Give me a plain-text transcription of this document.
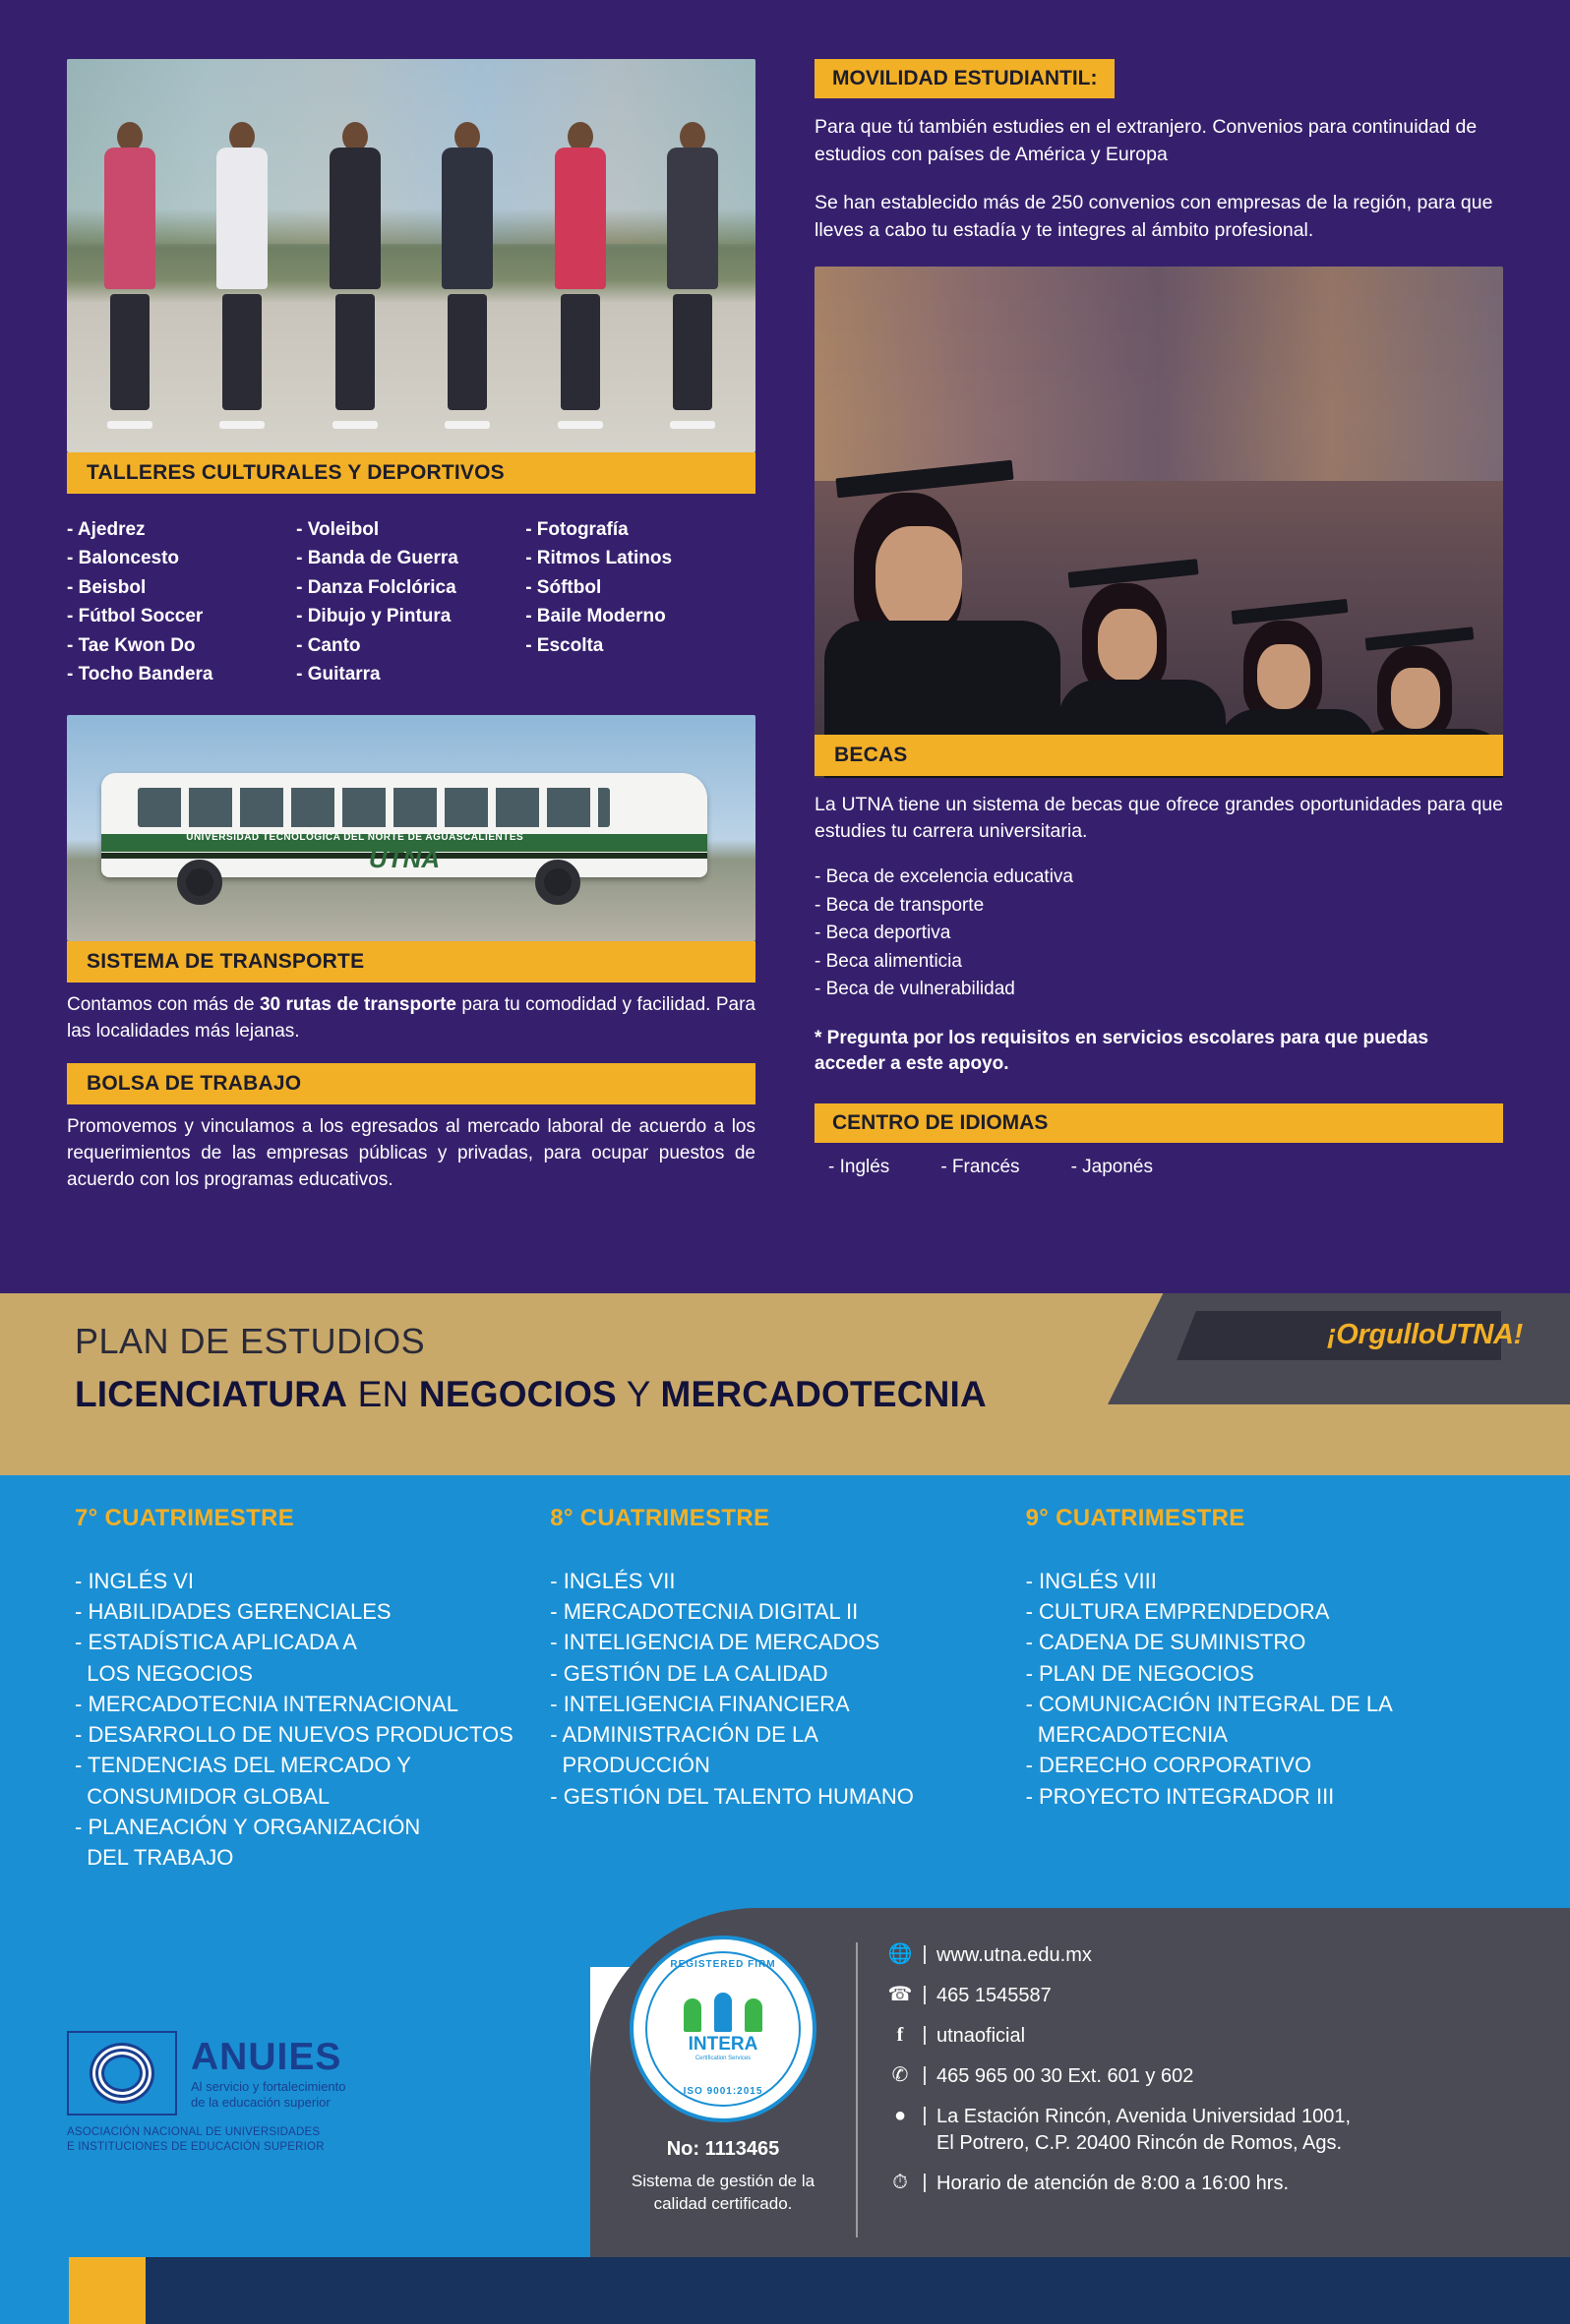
TALLERES CULTURALES Y DEPORTIVOS
- Ajedrez
- Baloncesto
- Beisbol
- Fútbol Soccer
- Tae Kwon Do
- Tocho Bandera
- Voleibol
- Banda de Guerra
- Danza Folclórica
- Dibujo y Pintura
- Canto
- Guitarra
- Fotografía
- Ritmos Latinos
- Sóftbol
- Baile Moderno
- Escolta
UNIVERSIDAD TECNOLÓGICA DEL NORTE DE AGUASCALIENTES
UTNA
SISTEMA DE TRANSPORTE
Contamos con más de 30 rutas de transporte para tu comodidad y facilidad. Para las localidades más lejanas.
BOLSA DE TRABAJO
Promovemos y vinculamos a los egresados al mercado laboral de acuerdo a los requerimientos de las empresas públicas y privadas, para ocupar puestos de acuerdo con los programas educativos.
MOVILIDAD ESTUDIANTIL:
Para que tú también estudies en el extranjero. Convenios para continuidad de estudios con países de América y Europa
Se han establecido más de 250 convenios con empresas de la región, para que lleves a cabo tu estadía y te integres al ámbito profesional.
BECAS
La UTNA tiene un sistema de becas que ofrece grandes oportunidades para que estudies tu carrera universitaria.
- Beca de excelencia educativa
- Beca de transporte
- Beca deportiva
- Beca alimenticia
- Beca de vulnerabilidad
* Pregunta por los requisitos en servicios escolares para que puedas acceder a este apoyo.
CENTRO DE IDIOMAS
- Inglés	- Francés	- Japonés
¡OrgulloUTNA!
PLAN DE ESTUDIOS
LICENCIATURA EN NEGOCIOS Y MERCADOTECNIA
7° CUATRIMESTRE
- INGLÉS VI
- HABILIDADES GERENCIALES
- ESTADÍSTICA APLICADA A
LOS NEGOCIOS
- MERCADOTECNIA INTERNACIONAL
- DESARROLLO DE NUEVOS PRODUCTOS
- TENDENCIAS DEL MERCADO Y
CONSUMIDOR GLOBAL
- PLANEACIÓN Y ORGANIZACIÓN
DEL TRABAJO
8° CUATRIMESTRE
- INGLÉS VII
- MERCADOTECNIA DIGITAL II
- INTELIGENCIA DE MERCADOS
- GESTIÓN DE LA CALIDAD
- INTELIGENCIA FINANCIERA
- ADMINISTRACIÓN DE LA
PRODUCCIÓN
- GESTIÓN DEL TALENTO HUMANO
9° CUATRIMESTRE
- INGLÉS VIII
- CULTURA EMPRENDEDORA
- CADENA DE SUMINISTRO
- PLAN DE NEGOCIOS
- COMUNICACIÓN INTEGRAL DE LA
MERCADOTECNIA
- DERECHO CORPORATIVO
- PROYECTO INTEGRADOR III
ANUIES
Al servicio y fortalecimiento
de la educación superior
ASOCIACIÓN NACIONAL DE UNIVERSIDADES
E INSTITUCIONES DE EDUCACIÓN SUPERIOR
REGISTERED FIRM
INTERA
Certification Services
ISO 9001:2015
No: 1113465
Sistema de gestión de la
calidad certificado.
🌐 | www.utna.edu.mx
☎ | 465 1545587
f | utnaoficial
✆ | 465 965 00 30 Ext. 601 y 602
● | La Estación Rincón, Avenida Universidad 1001,
El Potrero, C.P. 20400 Rincón de Romos, Ags.
⏱ | Horario de atención de 8:00 a 16:00 hrs.
